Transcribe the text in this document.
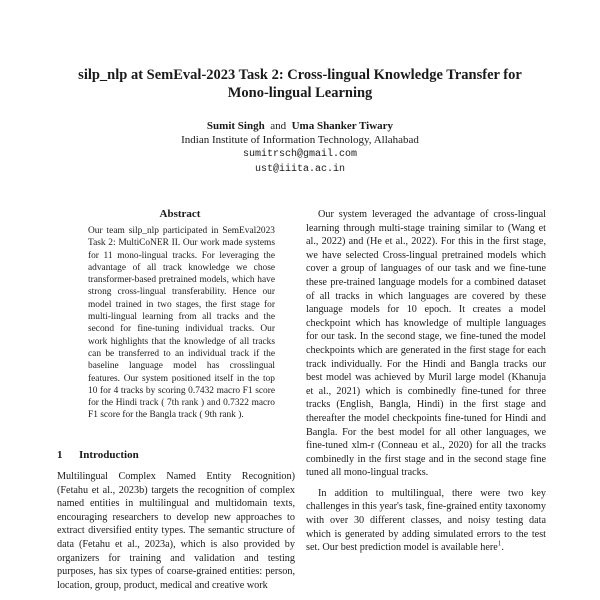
silp_nlp at SemEval-2023 Task 2: Cross-lingual Knowledge Transfer for
Mono-lingual Learning
Sumit Singh and Uma Shanker Tiwary
Indian Institute of Information Technology, Allahabad
sumitrsch@gmail.com
ust@iiita.ac.in
Abstract
Our team silp_nlp participated in SemEval2023 Task 2: MultiCoNER II. Our work made systems for 11 mono-lingual tracks. For leveraging the advantage of all track knowledge we chose transformer-based pretrained models, which have strong cross-lingual transferability. Hence our model trained in two stages, the first stage for multi-lingual learning from all tracks and the second for fine-tuning individual tracks. Our work highlights that the knowledge of all tracks can be transferred to an individual track if the baseline language model has crosslingual features. Our system positioned itself in the top 10 for 4 tracks by scoring 0.7432 macro F1 score for the Hindi track ( 7th rank ) and 0.7322 macro F1 score for the Bangla track ( 9th rank ).
1 Introduction

Multilingual Complex Named Entity Recognition) (Fetahu et al., 2023b) targets the recognition of complex named entities in multilingual and multidomain texts, encouraging researchers to develop new approaches to extract diversified entity types. The semantic structure of data (Fetahu et al., 2023a), which is also provided by organizers for training and validation and testing purposes, has six types of coarse-grained entities: person, location, group, product, medical and creative work

Our system leveraged the advantage of cross-lingual learning through multi-stage training similar to (Wang et al., 2022) and (He et al., 2022). For this in the first stage, we have selected Cross-lingual pretrained models which cover a group of languages of our task and we fine-tune these pre-trained language models for a combined dataset of all tracks in which languages are covered by these language models for 10 epoch. It creates a model checkpoint which has knowledge of multiple languages for our task. In the second stage, we fine-tuned the model checkpoints which are generated in the first stage for each track individually. For the Hindi and Bangla tracks our best model was achieved by Muril large model (Khanuja et al., 2021) which is combinedly fine-tuned for three tracks (English, Bangla, Hindi) in the first stage and thereafter the model checkpoints fine-tuned for Hindi and Bangla. For the best model for all other languages, we fine-tuned xlm-r (Conneau et al., 2020) for all the tracks combinedly in the first stage and in the second stage fine tuned all mono-lingual tracks.

In addition to multilingual, there were two key challenges in this year's task, fine-grained entity taxonomy with over 30 different classes, and noisy testing data which is generated by adding simulated errors to the test set. Our best prediction model is available here$^1$.
